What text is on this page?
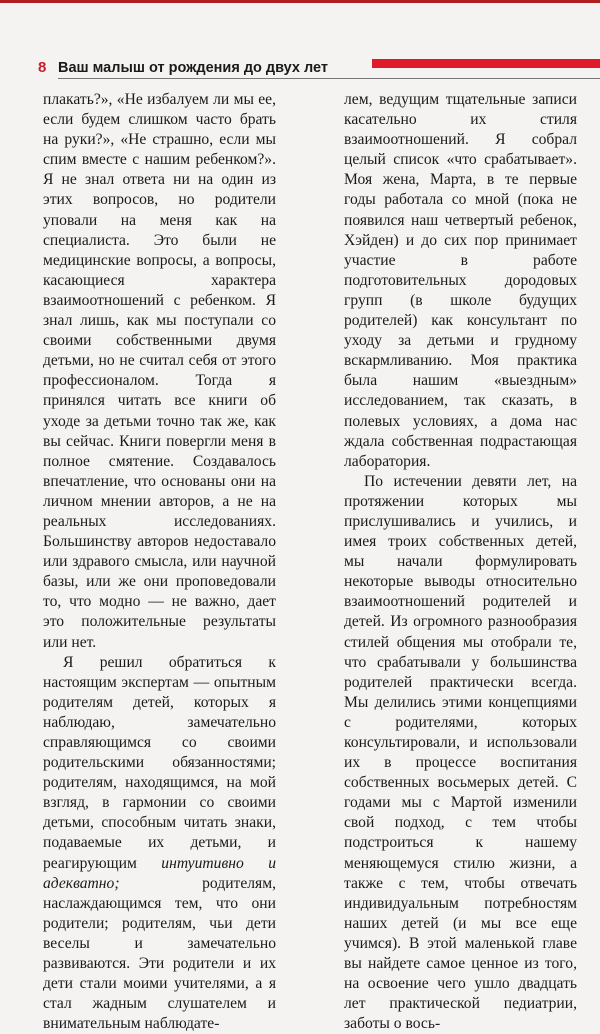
8 Ваш малыш от рождения до двух лет

плакать?», «Не избалуем ли мы ее, если будем слишком часто брать на руки?», «Не страшно, если мы спим вместе с нашим ребенком?». Я не знал ответа ни на один из этих вопросов, но родители уповали на меня как на специалиста. Это были не медицинские вопросы, а вопросы, касающиеся характера взаимоотношений с ребенком. Я знал лишь, как мы поступали со своими собственными двумя детьми, но не считал себя от этого профессионалом. Тогда я принялся читать все книги об уходе за детьми точно так же, как вы сейчас. Книги повергли меня в полное смятение. Создавалось впечатление, что основаны они на личном мнении авторов, а не на реальных исследованиях. Большинству авторов недоставало или здравого смысла, или научной базы, или же они проповедовали то, что модно — не важно, дает это положительные результаты или нет.

Я решил обратиться к настоящим экспертам — опытным родителям детей, которых я наблюдаю, замечательно справляющимся со своими родительскими обязанностями; родителям, находящимся, на мой взгляд, в гармонии со своими детьми, способным читать знаки, подаваемые их детьми, и реагирующим интуитивно и адекватно; родителям, наслаждающимся тем, что они родители; родителям, чьи дети веселы и замечательно развиваются. Эти родители и их дети стали моими учителями, а я стал жадным слушателем и внимательным наблюдате-

лем, ведущим тщательные записи касательно их стиля взаимоотношений. Я собрал целый список «что срабатывает». Моя жена, Марта, в те первые годы работала со мной (пока не появился наш четвертый ребенок, Хэйден) и до сих пор принимает участие в работе подготовительных дородовых групп (в школе будущих родителей) как консультант по уходу за детьми и грудному вскармливанию. Моя практика была нашим «выездным» исследованием, так сказать, в полевых условиях, а дома нас ждала собственная подрастающая лаборатория.

По истечении девяти лет, на протяжении которых мы прислушивались и учились, и имея троих собственных детей, мы начали формулировать некоторые выводы относительно взаимоотношений родителей и детей. Из огромного разнообразия стилей общения мы отобрали те, что срабатывали у большинства родителей практически всегда. Мы делились этими концепциями с родителями, которых консультировали, и использовали их в процессе воспитания собственных восьмерых детей. С годами мы с Мартой изменили свой подход, с тем чтобы подстроиться к нашему меняющемуся стилю жизни, а также с тем, чтобы отвечать индивидуальным потребностям наших детей (и мы все еще учимся). В этой маленькой главе вы найдете самое ценное из того, на освоение чего ушло двадцать лет практической педиатрии, заботы о вось-
